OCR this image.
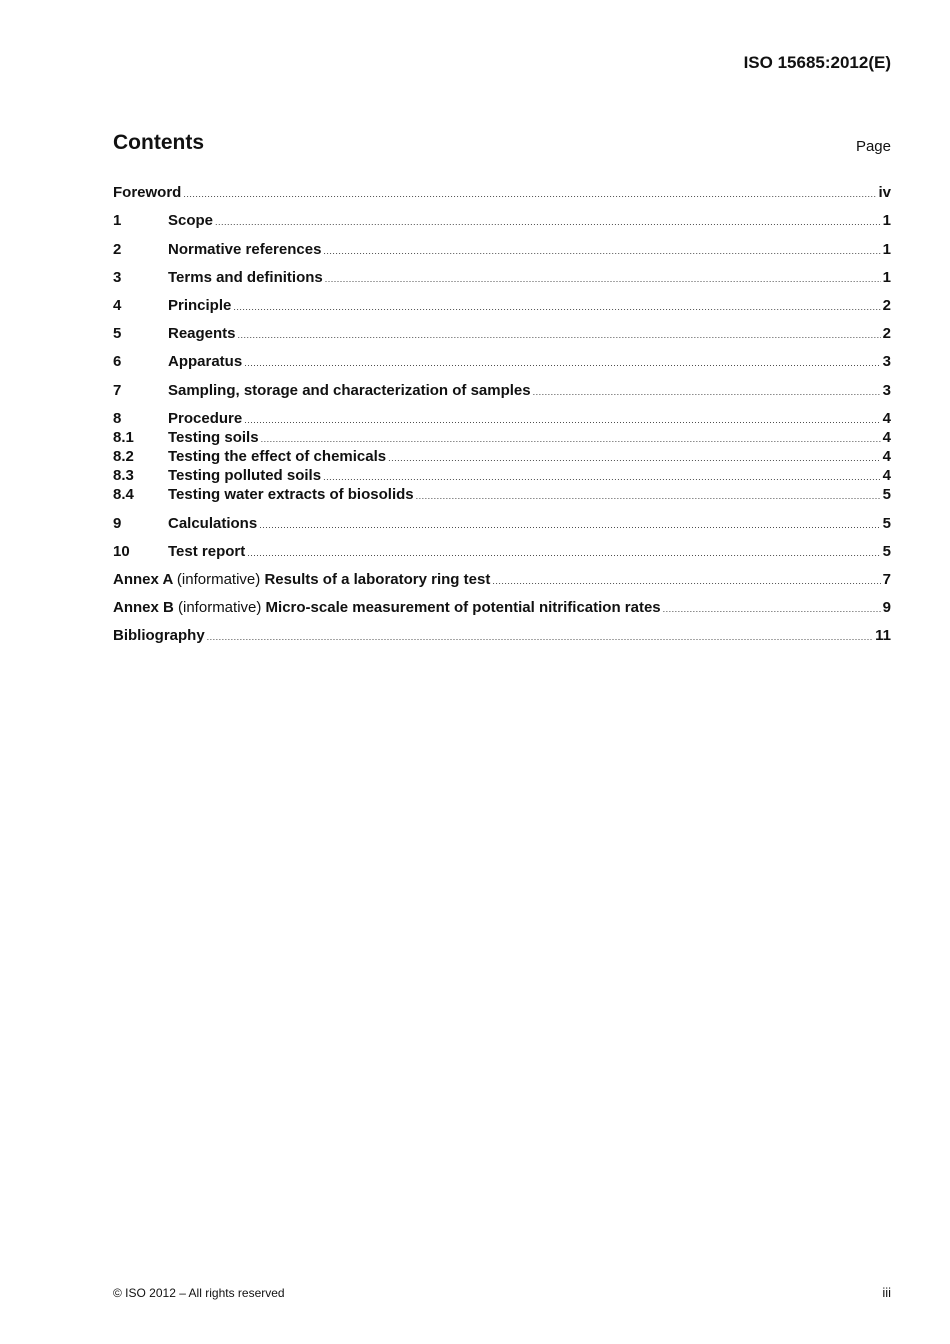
ISO 15685:2012(E)
Contents	Page
Foreword .....	iv
1	Scope .....	1
2	Normative references .....	1
3	Terms and definitions .....	1
4	Principle .....	2
5	Reagents .....	2
6	Apparatus .....	3
7	Sampling, storage and characterization of samples .....	3
8	Procedure .....	4
8.1	Testing soils .....	4
8.2	Testing the effect of chemicals .....	4
8.3	Testing polluted soils .....	4
8.4	Testing water extracts of biosolids .....	5
9	Calculations .....	5
10	Test report .....	5
Annex A (informative) Results of a laboratory ring test .....	7
Annex B (informative) Micro-scale measurement of potential nitrification rates .....	9
Bibliography .....	11
© ISO 2012 – All rights reserved	iii
